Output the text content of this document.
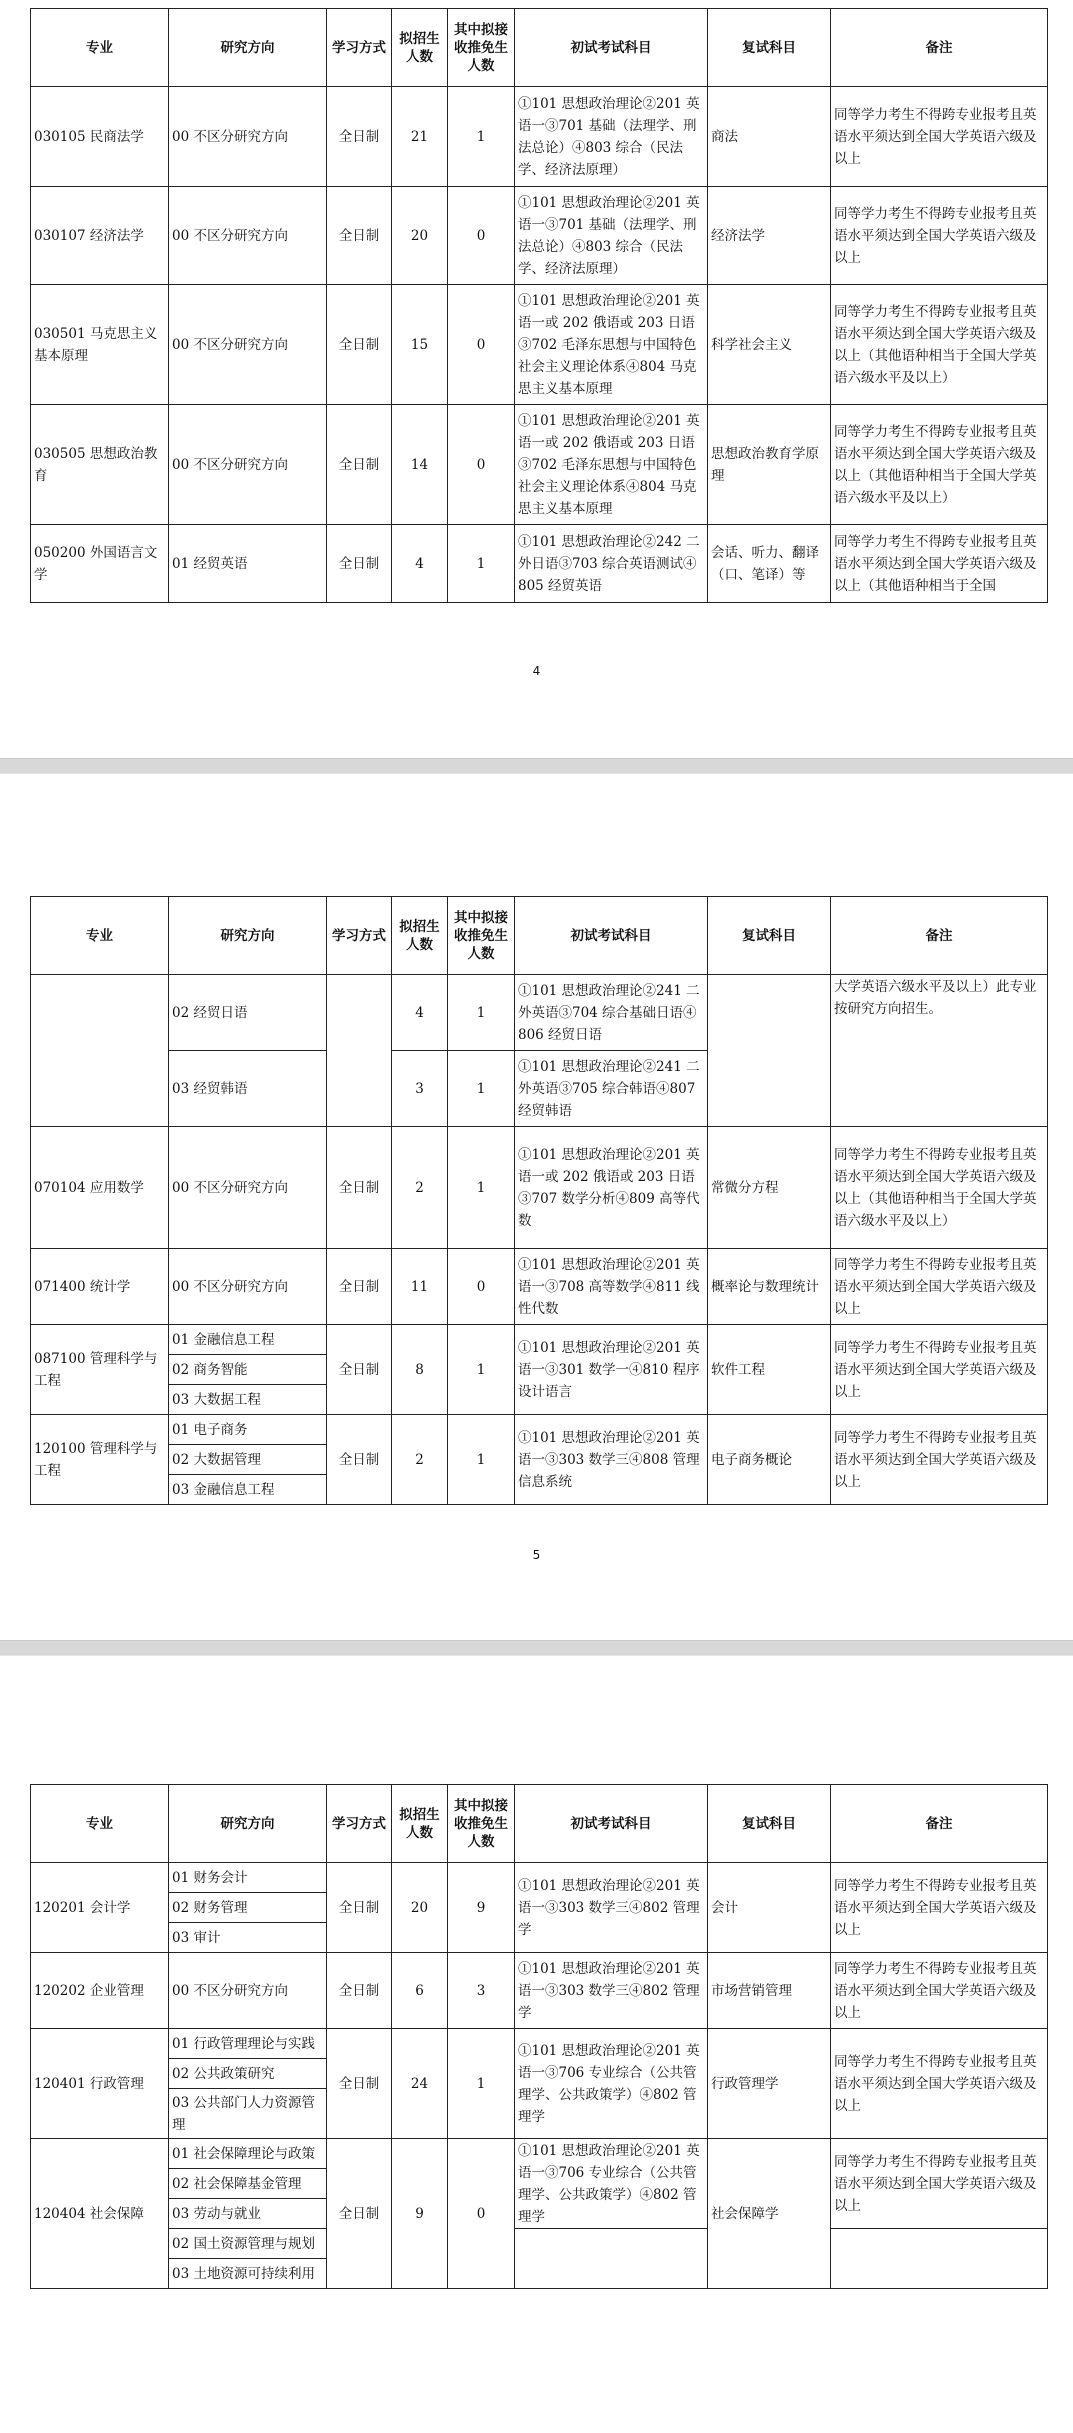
专业	研究方向	学习方式	拟招生人数	其中拟接收推免生人数	初试考试科目	复试科目	备注
030105 民商法学	00 不区分研究方向	全日制	21	1	①101 思想政治理论②201 英语一③701 基础（法理学、刑法总论）④803 综合（民法学、经济法原理）	商法	同等学力考生不得跨专业报考且英语水平须达到全国大学英语六级及以上
030107 经济法学	00 不区分研究方向	全日制	20	0	①101 思想政治理论②201 英语一③701 基础（法理学、刑法总论）④803 综合（民法学、经济法原理）	经济法学	同等学力考生不得跨专业报考且英语水平须达到全国大学英语六级及以上
030501 马克思主义基本原理	00 不区分研究方向	全日制	15	0	①101 思想政治理论②201 英语一或 202 俄语或 203 日语③702 毛泽东思想与中国特色社会主义理论体系④804 马克思主义基本原理	科学社会主义	同等学力考生不得跨专业报考且英语水平须达到全国大学英语六级及以上（其他语种相当于全国大学英语六级水平及以上）
030505 思想政治教育	00 不区分研究方向	全日制	14	0	①101 思想政治理论②201 英语一或 202 俄语或 203 日语③702 毛泽东思想与中国特色社会主义理论体系④804 马克思主义基本原理	思想政治教育学原理	同等学力考生不得跨专业报考且英语水平须达到全国大学英语六级及以上（其他语种相当于全国大学英语六级水平及以上）
050200 外国语言文学	01 经贸英语	全日制	4	1	①101 思想政治理论②242 二外日语③703 综合英语测试④805 经贸英语	会话、听力、翻译（口、笔译）等	同等学力考生不得跨专业报考且英语水平须达到全国大学英语六级及以上（其他语种相当于全国
4
专业	研究方向	学习方式	拟招生人数	其中拟接收推免生人数	初试考试科目	复试科目	备注
	02 经贸日语		4	1	①101 思想政治理论②241 二外英语③704 综合基础日语④806 经贸日语		大学英语六级水平及以上）此专业按研究方向招生。
	03 经贸韩语		3	1	①101 思想政治理论②241 二外英语③705 综合韩语④807 经贸韩语		
070104 应用数学	00 不区分研究方向	全日制	2	1	①101 思想政治理论②201 英语一或 202 俄语或 203 日语③707 数学分析④809 高等代数	常微分方程	同等学力考生不得跨专业报考且英语水平须达到全国大学英语六级及以上（其他语种相当于全国大学英语六级水平及以上）
071400 统计学	00 不区分研究方向	全日制	11	0	①101 思想政治理论②201 英语一③708 高等数学④811 线性代数	概率论与数理统计	同等学力考生不得跨专业报考且英语水平须达到全国大学英语六级及以上
087100 管理科学与工程	01 金融信息工程	全日制	8	1	①101 思想政治理论②201 英语一③301 数学一④810 程序设计语言	软件工程	同等学力考生不得跨专业报考且英语水平须达到全国大学英语六级及以上
	02 商务智能						
	03 大数据工程						
120100 管理科学与工程	01 电子商务	全日制	2	1	①101 思想政治理论②201 英语一③303 数学三④808 管理信息系统	电子商务概论	同等学力考生不得跨专业报考且英语水平须达到全国大学英语六级及以上
	02 大数据管理						
	03 金融信息工程						
5
专业	研究方向	学习方式	拟招生人数	其中拟接收推免生人数	初试考试科目	复试科目	备注
120201 会计学	01 财务会计	全日制	20	9	①101 思想政治理论②201 英语一③303 数学三④802 管理学	会计	同等学力考生不得跨专业报考且英语水平须达到全国大学英语六级及以上
	02 财务管理						
	03 审计						
120202 企业管理	00 不区分研究方向	全日制	6	3	①101 思想政治理论②201 英语一③303 数学三④802 管理学	市场营销管理	同等学力考生不得跨专业报考且英语水平须达到全国大学英语六级及以上
120401 行政管理	01 行政管理理论与实践	全日制	24	1	①101 思想政治理论②201 英语一③706 专业综合（公共管理学、公共政策学）④802 管理学	行政管理学	同等学力考生不得跨专业报考且英语水平须达到全国大学英语六级及以上
	02 公共政策研究						
	03 公共部门人力资源管理						
120404 社会保障	01 社会保障理论与政策	全日制	9	0	①101 思想政治理论②201 英语一③706 专业综合（公共管理学、公共政策学）④802 管理学	社会保障学	同等学力考生不得跨专业报考且英语水平须达到全国大学英语六级及以上
	02 社会保障基金管理						
	03 劳动与就业						
	02 国土资源管理与规划						
	03 土地资源可持续利用						
